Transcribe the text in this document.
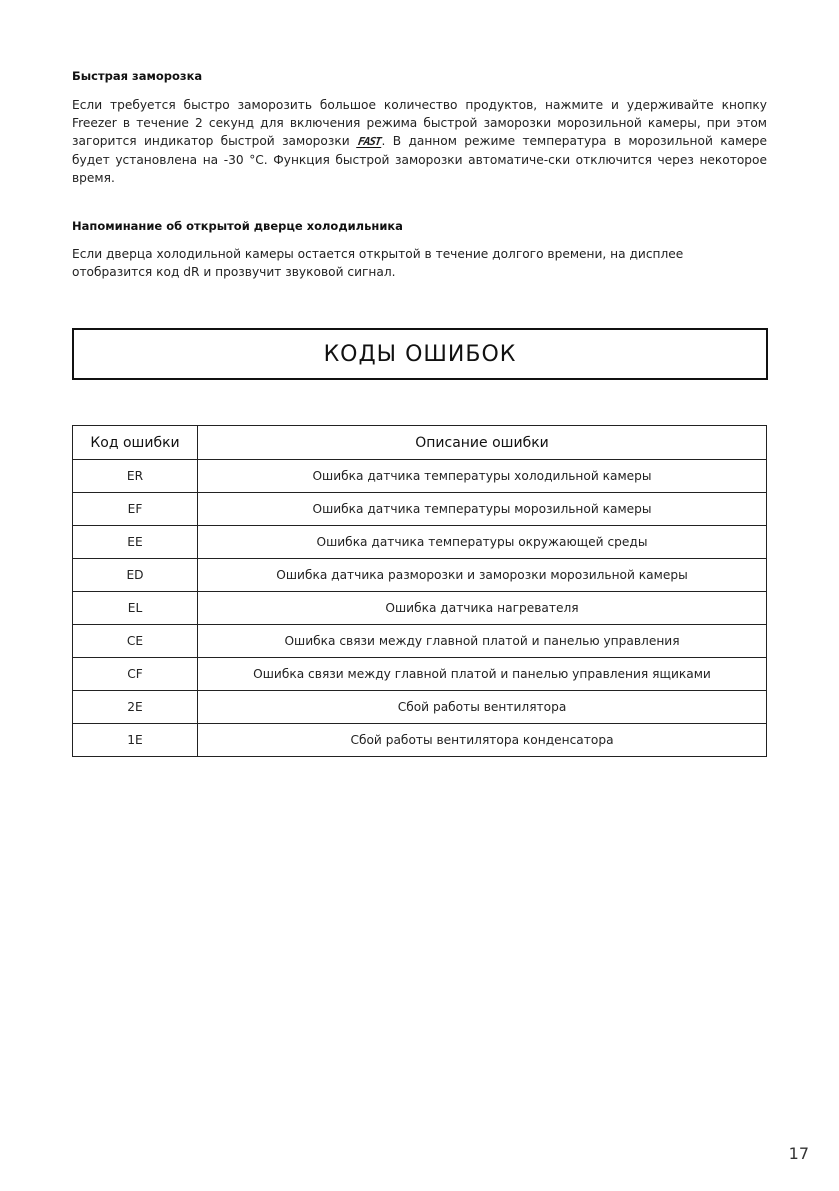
Быстрая заморозка
Если требуется быстро заморозить большое количество продуктов, нажмите и удерживайте кнопку Freezer в течение 2 секунд для включения режима быстрой заморозки морозильной камеры, при этом загорится индикатор быстрой заморозки FAST. В данном режиме температура в морозильной камере будет установлена на -30 °С. Функция быстрой заморозки автоматиче-ски отключится через некоторое время.
Напоминание об открытой дверце холодильника
Если дверца холодильной камеры остается открытой в течение долгого времени, на дисплее отобразится код dR и прозвучит звуковой сигнал.
КОДЫ ОШИБОК
Код ошибки	Описание ошибки
ER	Ошибка датчика температуры холодильной камеры
EF	Ошибка датчика температуры морозильной камеры
EE	Ошибка датчика температуры окружающей среды
ED	Ошибка датчика разморозки и заморозки морозильной камеры
EL	Ошибка датчика нагревателя
CE	Ошибка связи между главной платой и панелью управления
CF	Ошибка связи между главной платой и панелью управления ящиками
2E	Сбой работы вентилятора
1E	Сбой работы вентилятора конденсатора
17
